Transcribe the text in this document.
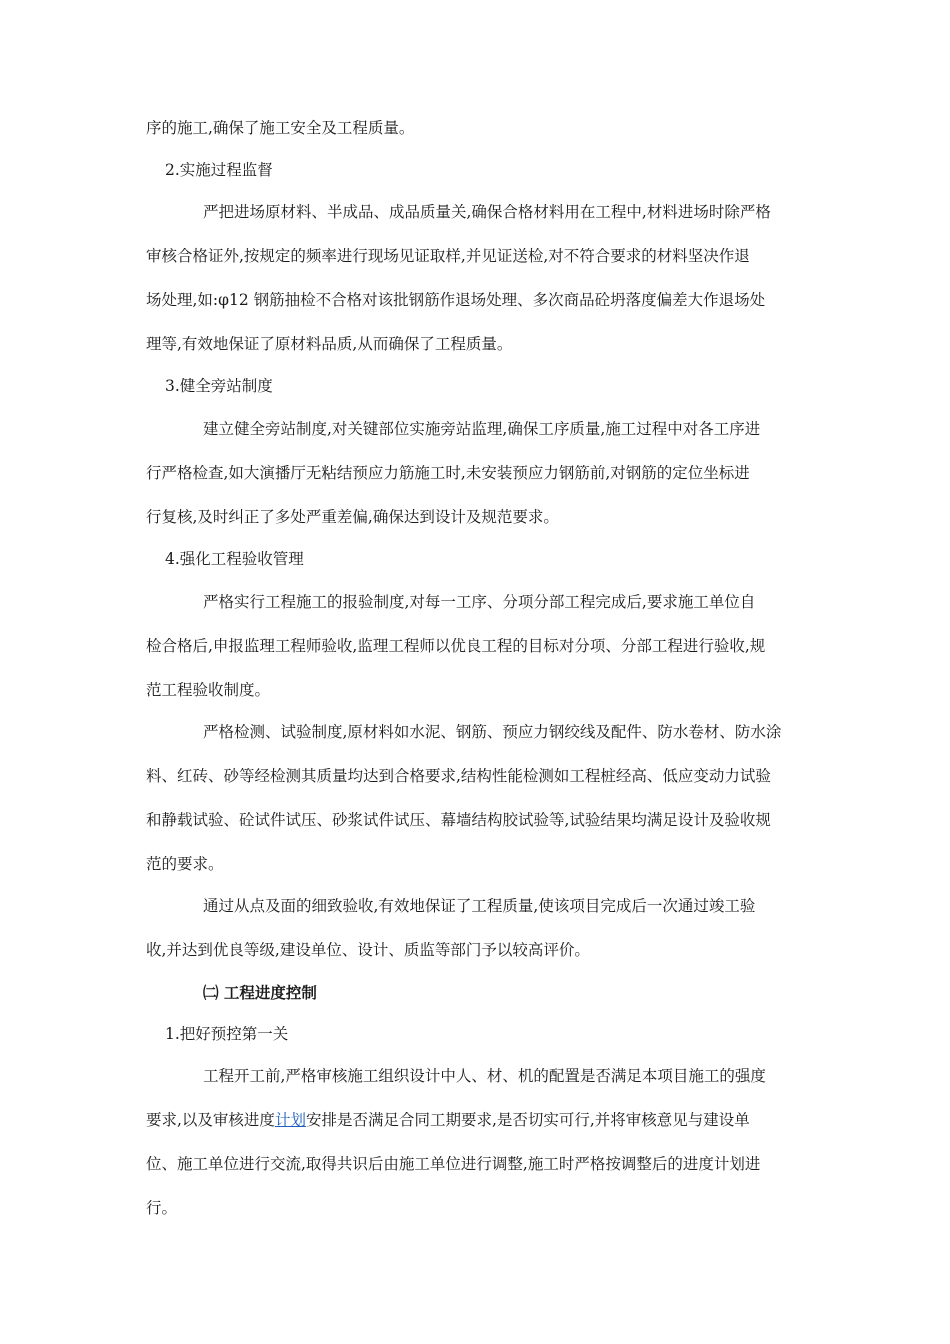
序的施工,确保了施工安全及工程质量。
2.实施过程监督
严把进场原材料、半成品、成品质量关,确保合格材料用在工程中,材料进场时除严格
审核合格证外,按规定的频率进行现场见证取样,并见证送检,对不符合要求的材料坚决作退
场处理,如:φ12 钢筋抽检不合格对该批钢筋作退场处理、多次商品砼坍落度偏差大作退场处
理等,有效地保证了原材料品质,从而确保了工程质量。
3.健全旁站制度
建立健全旁站制度,对关键部位实施旁站监理,确保工序质量,施工过程中对各工序进
行严格检查,如大演播厅无粘结预应力筋施工时,未安装预应力钢筋前,对钢筋的定位坐标进
行复核,及时纠正了多处严重差偏,确保达到设计及规范要求。
4.强化工程验收管理
严格实行工程施工的报验制度,对每一工序、分项分部工程完成后,要求施工单位自
检合格后,申报监理工程师验收,监理工程师以优良工程的目标对分项、分部工程进行验收,规
范工程验收制度。
严格检测、试验制度,原材料如水泥、钢筋、预应力钢绞线及配件、防水卷材、防水涂
料、红砖、砂等经检测其质量均达到合格要求,结构性能检测如工程桩经高、低应变动力试验
和静载试验、砼试件试压、砂浆试件试压、幕墙结构胶试验等,试验结果均满足设计及验收规
范的要求。
通过从点及面的细致验收,有效地保证了工程质量,使该项目完成后一次通过竣工验
收,并达到优良等级,建设单位、设计、质监等部门予以较高评价。
㈡ 工程进度控制
1.把好预控第一关
工程开工前,严格审核施工组织设计中人、材、机的配置是否满足本项目施工的强度
要求,以及审核进度计划安排是否满足合同工期要求,是否切实可行,并将审核意见与建设单
位、施工单位进行交流,取得共识后由施工单位进行调整,施工时严格按调整后的进度计划进
行。
